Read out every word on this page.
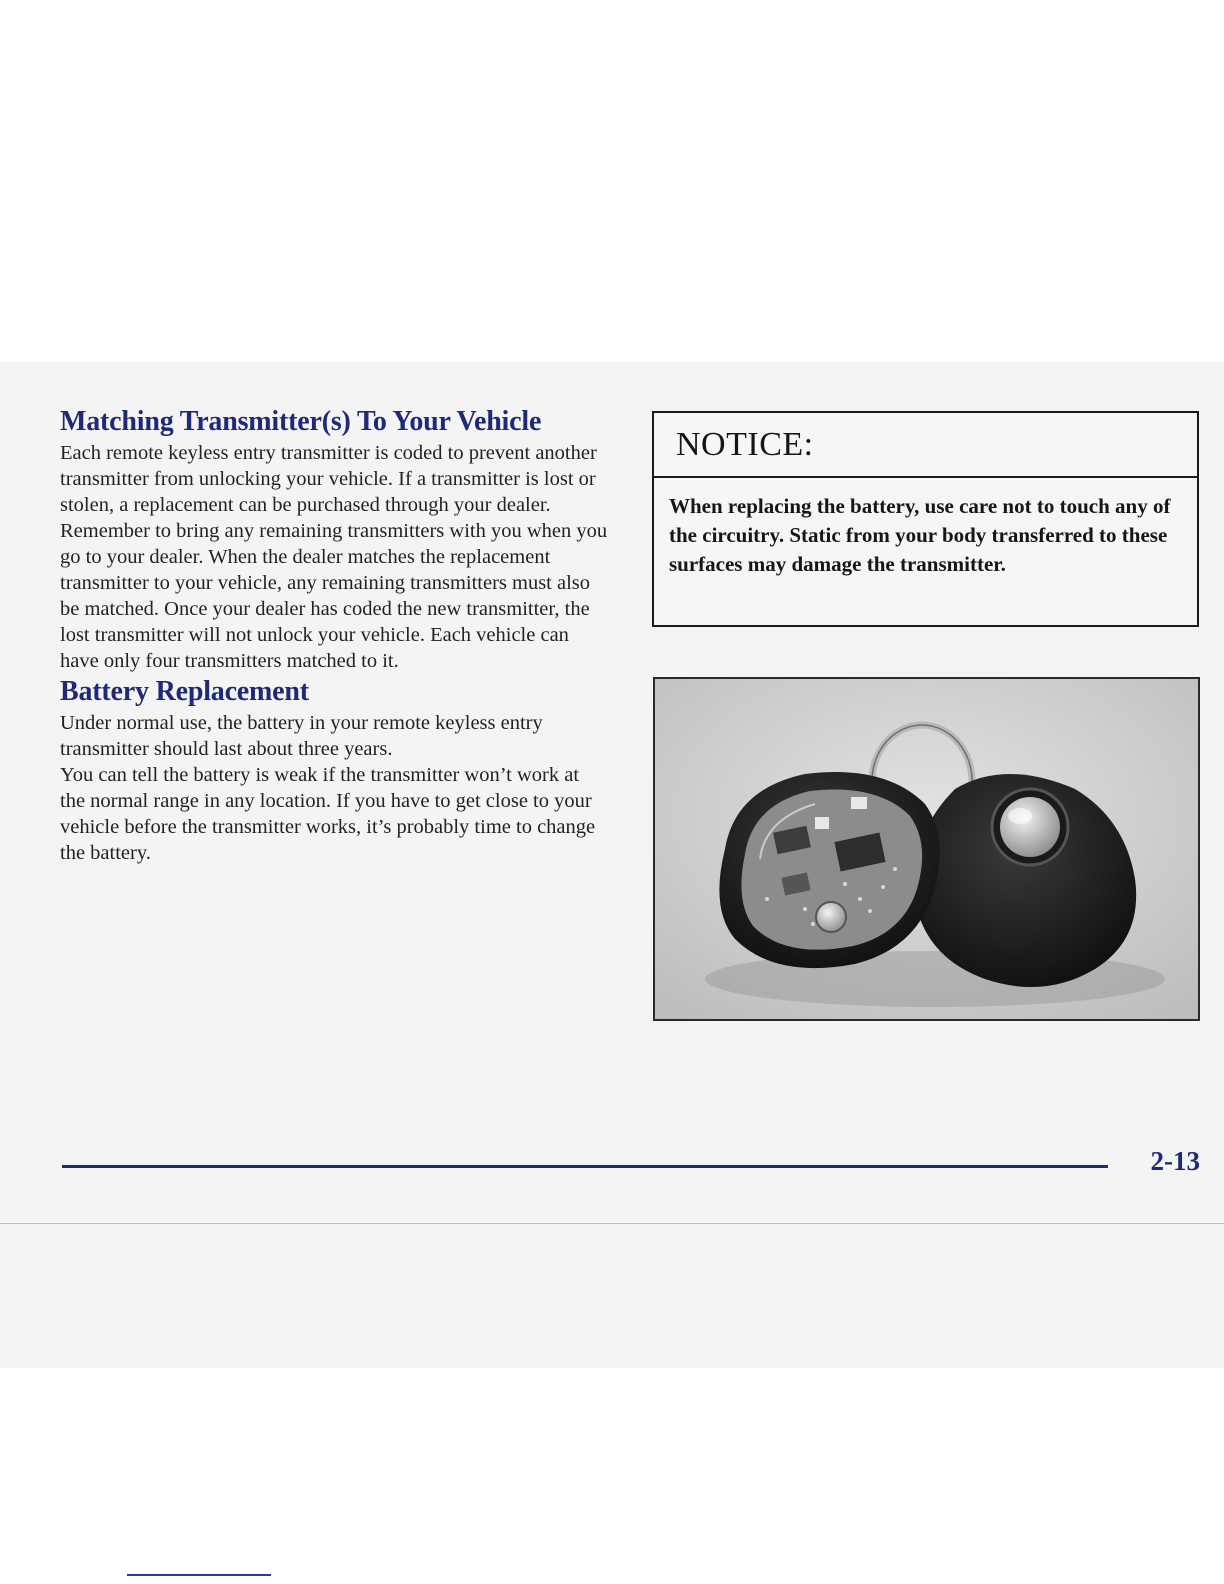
Matching Transmitter(s) To Your Vehicle

Each remote keyless entry transmitter is coded to prevent another transmitter from unlocking your vehicle. If a transmitter is lost or stolen, a replacement can be purchased through your dealer. Remember to bring any remaining transmitters with you when you go to your dealer. When the dealer matches the replacement transmitter to your vehicle, any remaining transmitters must also be matched. Once your dealer has coded the new transmitter, the lost transmitter will not unlock your vehicle. Each vehicle can have only four transmitters matched to it.

Battery Replacement

Under normal use, the battery in your remote keyless entry transmitter should last about three years.

You can tell the battery is weak if the transmitter won’t work at the normal range in any location. If you have to get close to your vehicle before the transmitter works, it’s probably time to change the battery.

NOTICE:
When replacing the battery, use care not to touch any of the circuitry. Static from your body transferred to these surfaces may damage the transmitter.
2-13
